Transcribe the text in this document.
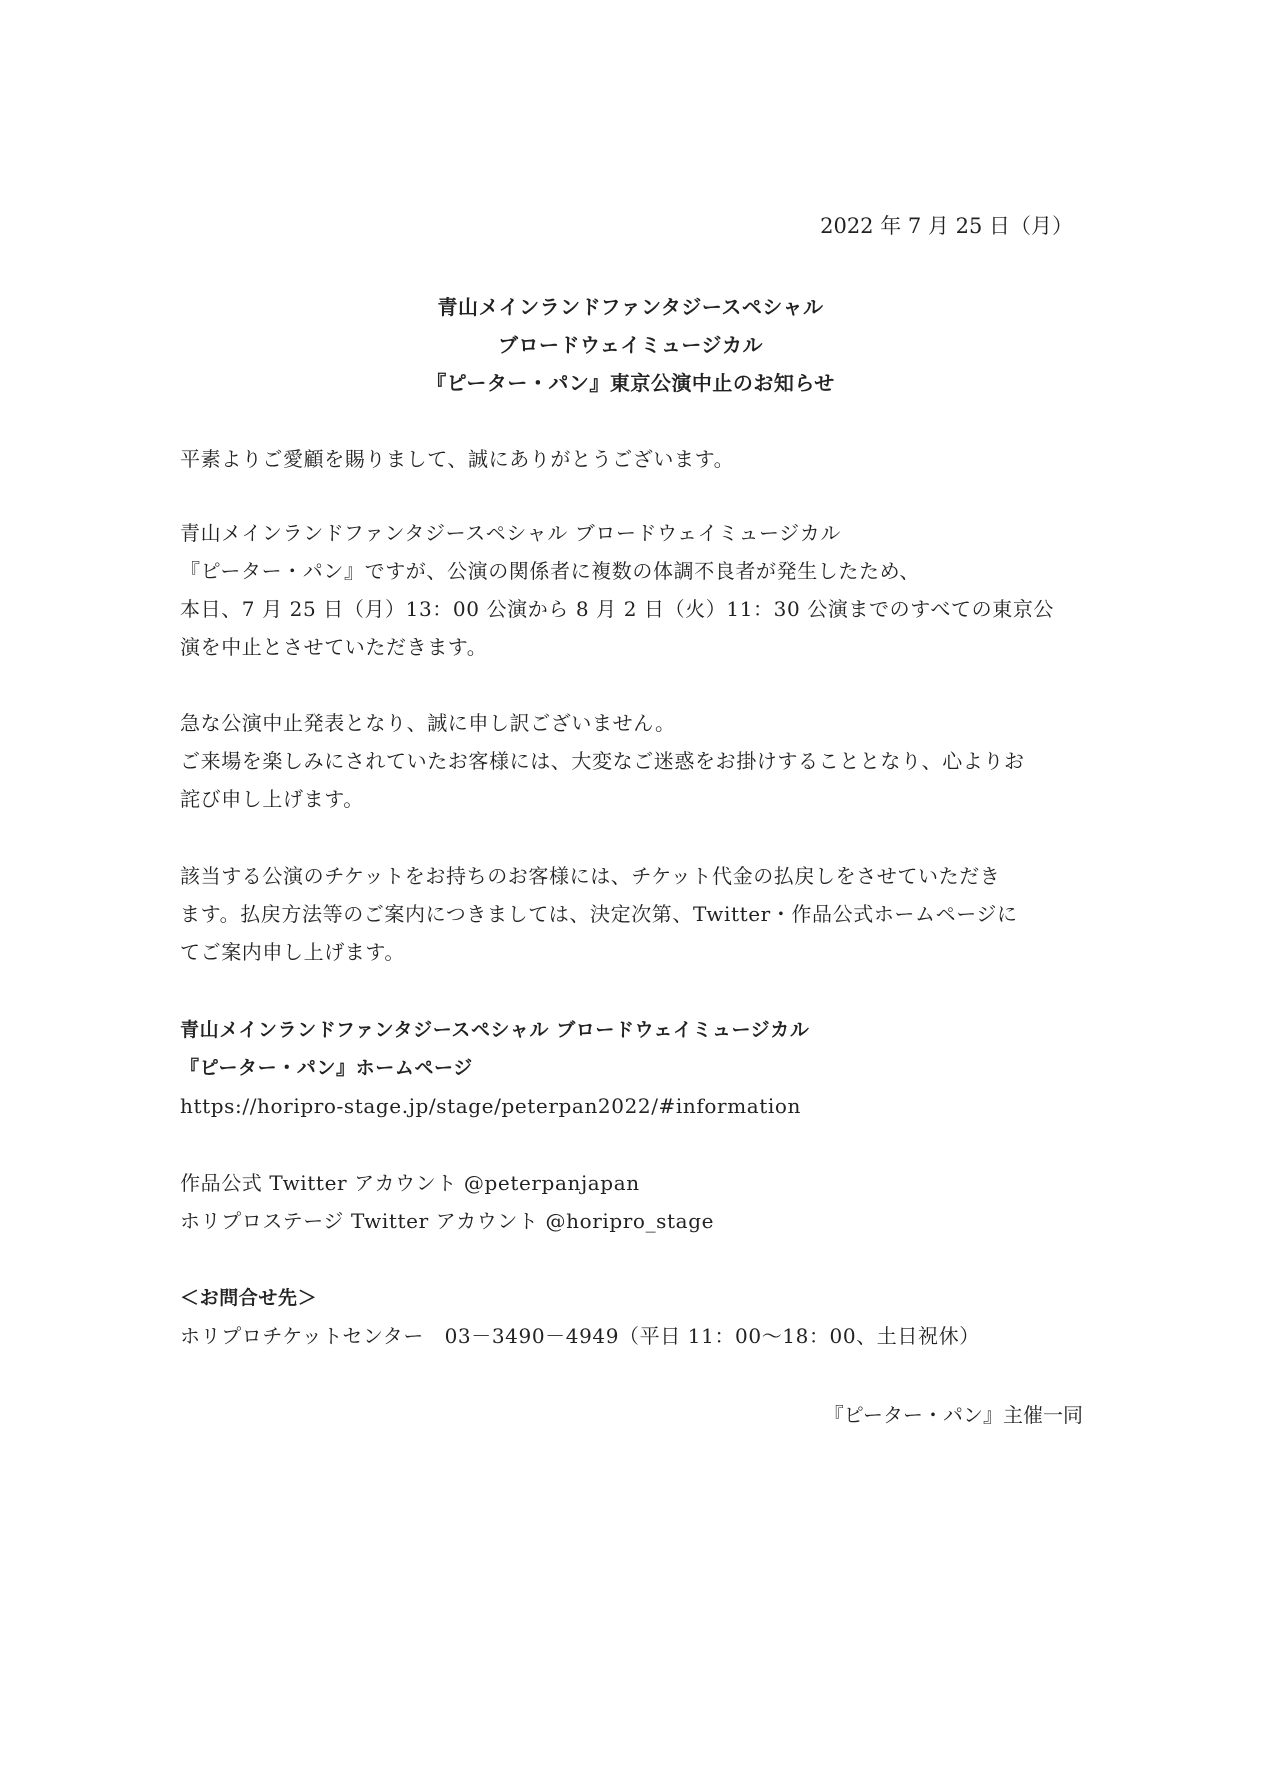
2022 年 7 月 25 日（月）
青山メインランドファンタジースペシャル
ブロードウェイミュージカル
『ピーター・パン』東京公演中止のお知らせ

平素よりご愛顧を賜りまして、誠にありがとうございます。

青山メインランドファンタジースペシャル ブロードウェイミュージカル

『ピーター・パン』ですが、公演の関係者に複数の体調不良者が発生したため、

本日、7 月 25 日（月）13：00 公演から 8 月 2 日（火）11：30 公演までのすべての東京公

演を中止とさせていただきます。

急な公演中止発表となり、誠に申し訳ございません。

ご来場を楽しみにされていたお客様には、大変なご迷惑をお掛けすることとなり、心よりお

詫び申し上げます。

該当する公演のチケットをお持ちのお客様には、チケット代金の払戻しをさせていただき

ます。払戻方法等のご案内につきましては、決定次第、Twitter・作品公式ホームページに

てご案内申し上げます。

青山メインランドファンタジースペシャル ブロードウェイミュージカル

『ピーター・パン』ホームページ

https://horipro-stage.jp/stage/peterpan2022/#information

作品公式 Twitter アカウント @peterpanjapan

ホリプロステージ Twitter アカウント @horipro_stage

＜お問合せ先＞

ホリプロチケットセンター　03－3490－4949（平日 11：00～18：00、土日祝休）

『ピーター・パン』主催一同
